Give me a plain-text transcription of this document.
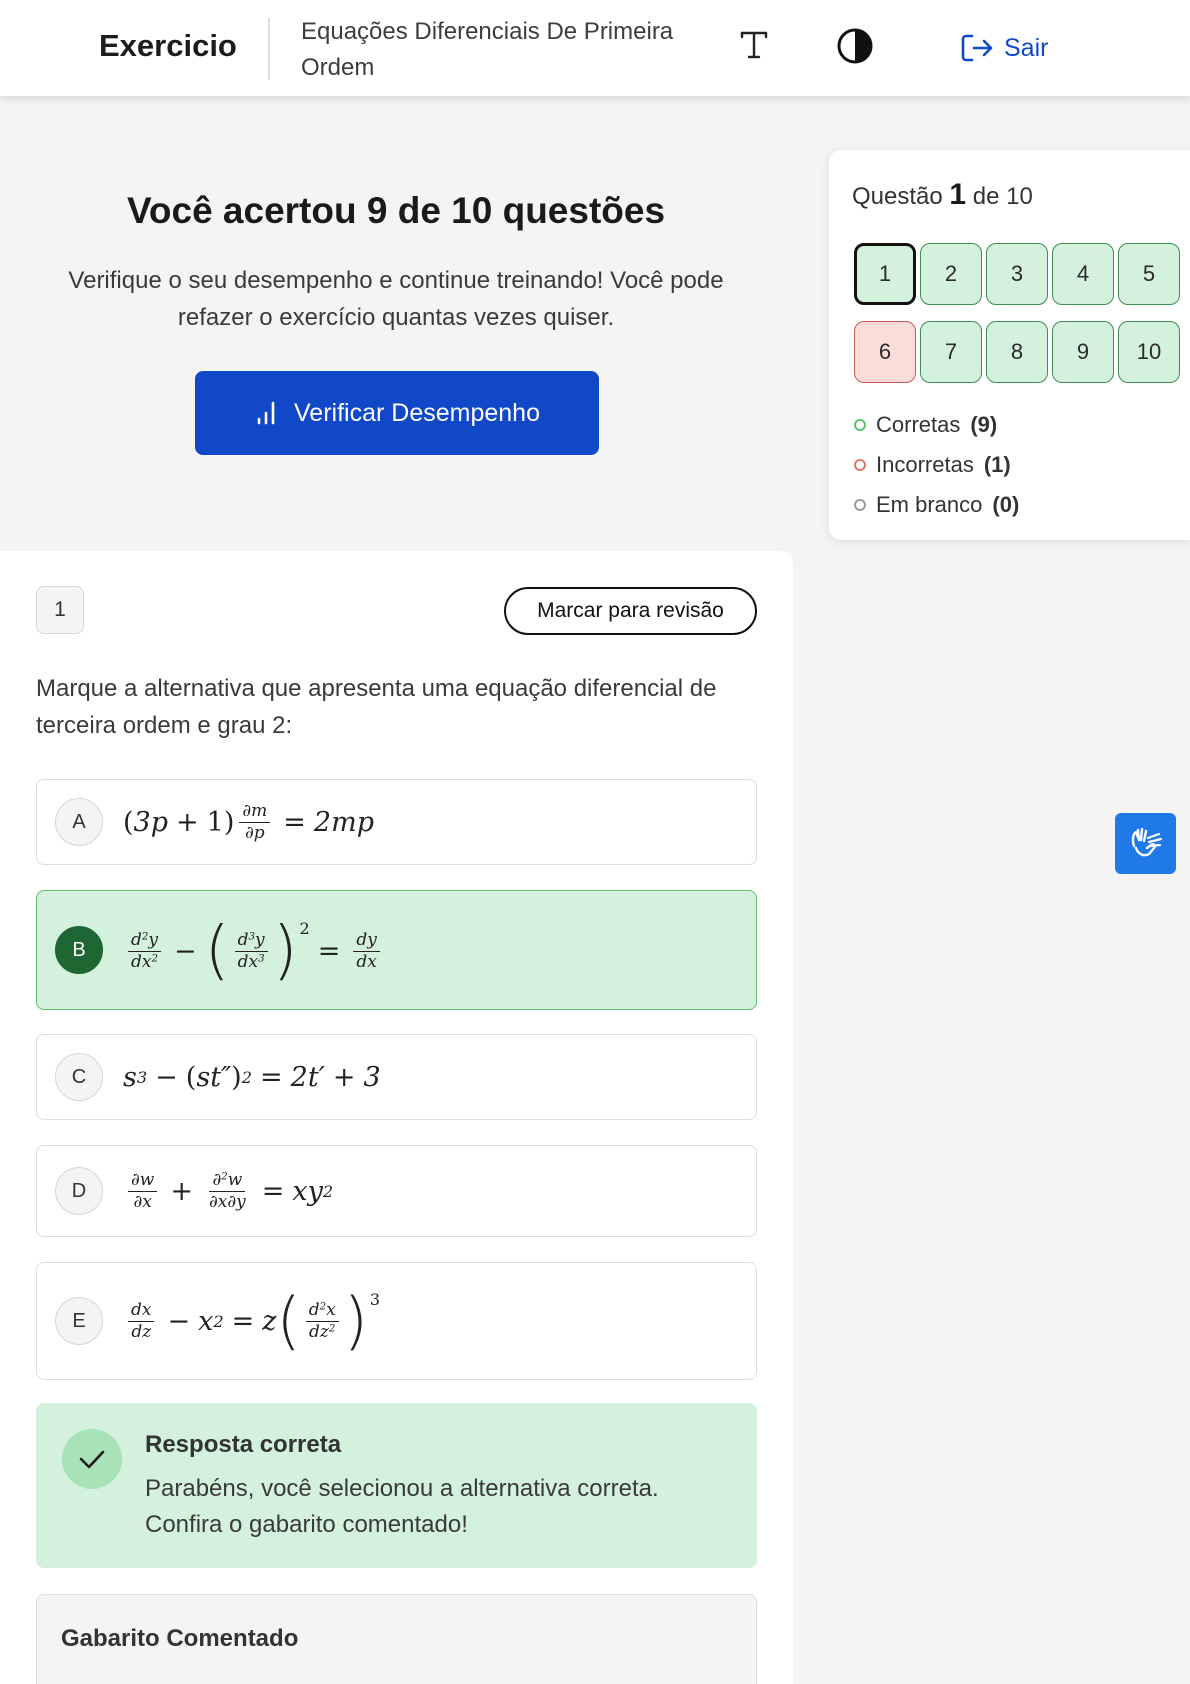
Exercicio	Equações Diferenciais De Primeira Ordem
Sair
Você acertou 9 de 10 questões
Verifique o seu desempenho e continue treinando! Você pode refazer o exercício quantas vezes quiser.
Verificar Desempenho
Questão 1 de 10
1	2	3	4	5
6	7	8	9	10
Corretas (9)
Incorretas (1)
Em branco (0)
1	Marcar para revisão
Marque a alternativa que apresenta uma equação diferencial de terceira ordem e grau 2:
A	( 3 $p + 1) \frac{\partial m}{\partial p} = 2$ mp
B	$d^2y$
$dx^2$ − ( $d^3y$
$dx^3$ ) 2
= $\frac{dy}{dx}$
C	s 3 − ( st ″ ) 2 = 2 t ′ + 3
D	∂w
$\partial x + \frac{\partial^2w}{\partial x\partial y}$ = xy 2
E	dx
dz − x 2 = z ( $d^2x$
$dz^2$ ) 3
Resposta correta
Parabéns, você selecionou a alternativa correta. Confira o gabarito comentado!
Gabarito Comentado
